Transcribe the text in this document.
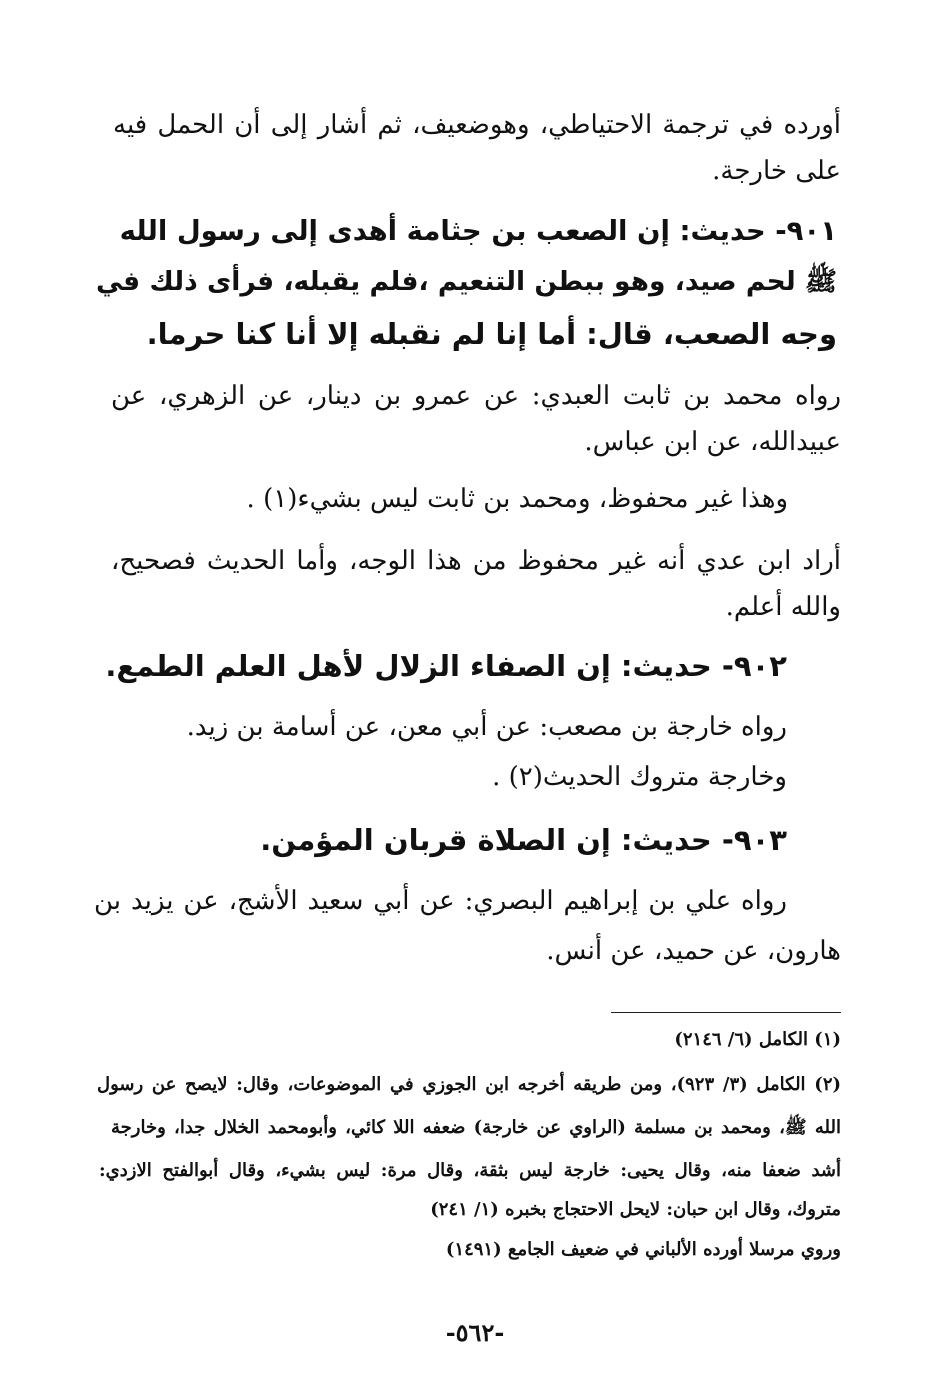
أورده في ترجمة الاحتياطي، وهوضعيف، ثم أشار إلى أن الحمل فيه
على خارجة.
٩٠١- حديث: إن الصعب بن جثامة أهدى إلى رسول الله
ﷺ لحم صيد، وهو ببطن التنعيم ،فلم يقبله، فرأى ذلك في
وجه الصعب، قال: أما إنا لم نقبله إلا أنا كنا حرما.
رواه محمد بن ثابت العبدي: عن عمرو بن دينار، عن الزهري، عن
عبيدالله، عن ابن عباس.
وهذا غير محفوظ، ومحمد بن ثابت ليس بشيء(١) .
أراد ابن عدي أنه غير محفوظ من هذا الوجه، وأما الحديث فصحيح،
والله أعلم.
٩٠٢- حديث: إن الصفاء الزلال لأهل العلم الطمع.
رواه خارجة بن مصعب: عن أبي معن، عن أسامة بن زيد.
وخارجة متروك الحديث(٢) .
٩٠٣- حديث: إن الصلاة قربان المؤمن.
رواه علي بن إبراهيم البصري: عن أبي سعيد الأشج، عن يزيد بن
هارون، عن حميد، عن أنس.
(١) الكامل (٦/ ٢١٤٦)
(٢) الكامل (٣/ ٩٢٣)، ومن طريقه أخرجه ابن الجوزي في الموضوعات، وقال: لايصح عن رسول
الله ﷺ، ومحمد بن مسلمة (الراوي عن خارجة) ضعفه اللا كائي، وأبومحمد الخلال جدا، وخارجة
أشد ضعفا منه، وقال يحيى: خارجة ليس بثقة، وقال مرة: ليس بشيء، وقال أبوالفتح الازدي:
متروك، وقال ابن حبان: لايحل الاحتجاج بخبره (١/ ٢٤١)
وروي مرسلا أورده الألباني في ضعيف الجامع (١٤٩١)
-٥٦٢-
